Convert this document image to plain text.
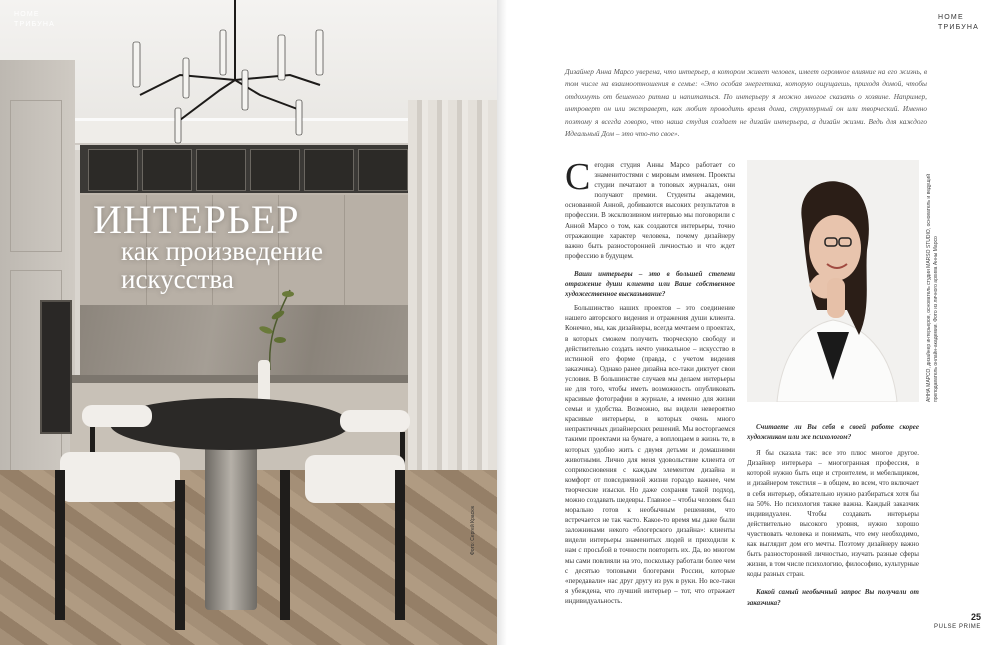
HOME
ТРИБУНА
ИНТЕРЬЕР
как произведение
искусства
Фото: Сергей Красюк
HOME
ТРИБУНА
Дизайнер Анна Марсо уверена, что интерьер, в котором живет человек, имеет огромное влияние на его жизнь, в том числе на взаимоотношения в семье: «Это особая энергетика, которую ощущаешь, приходя домой, чтобы отдохнуть от бешеного ритма и напитаться. По интерьеру я можно многое сказать о хозяине. Например, интроверт он или экстраверт, как любит проводить время дома, структурный он или творческий. Именно поэтому я всегда говорю, что наша студия создает не дизайн интерьера, а дизайн жизни. Ведь для каждого Идеальный Дом – это что-то свое».

Сегодня студия Анны Марсо работает со знаменитостями с мировым именем. Проекты студии печатают в топовых журналах, они получают премии. Студенты академии, основанной Анной, добиваются высоких результатов в профессии. В эксклюзивном интервью мы поговорили с Анной Марсо о том, как создаются интерьеры, точно отражающие характер человека, почему дизайнеру важно быть разносторонней личностью и что ждет профессию в будущем.

Ваши интерьеры – это в большей степени отражение души клиента или Ваше собственное художественное высказывание?

Большинство наших проектов – это соединение нашего авторского видения и отражения души клиента. Конечно, мы, как дизайнеры, всегда мечтаем о проектах, в которых сможем получить творческую свободу и действительно создать нечто уникальное – искусство в истинной его форме (правда, с учетом видения заказчика). Однако ранее дизайна все-таки диктует свои условия. В большинстве случаев мы делаем интерьеры не для того, чтобы иметь возможность опубликовать красивые фотографии в журнале, а именно для жизни семьи и удобства. Возможно, вы видели невероятно красивые интерьеры, в которых очень много непрактичных дизайнерских решений. Мы восторгаемся такими проектами на бумаге, а воплощаем в жизнь те, в которых удобно жить с двумя детьми и домашними животными. Лично для меня удовольствие клиента от соприкосновения с каждым элементом дизайна и комфорт от повседневной жизни гораздо важнее, чем творческие изыски. Но даже сохраняя такой подход, можно создавать шедевры. Главное – чтобы человек был морально готов к необычным решениям, что встречается не так часто. Какое-то время мы даже были заложниками некого «блогерского дизайна»: клиенты видели интерьеры знаменитых людей и приходили к нам с просьбой в точности повторить их. Да, во многом мы сами повлияли на это, поскольку работали более чем с десятью топовыми блогерами России, которые «передавали» нас друг другу из рук в руки. Но все-таки я убеждена, что лучший интерьер – тот, что отражает индивидуальность.

АННА МАРСО, дизайнер интерьеров, основатель студии MARSO STUDIO, основатель и ведущий преподаватель онлайн-академии. Фото из личного архива Анны Марсо

Считаете ли Вы себя в своей работе скорее художником или же психологом?

Я бы сказала так: все это плюс многое другое. Дизайнер интерьера – многогранная профессия, в которой нужно быть еще и строителем, и мебельщиком, и дизайнером текстиля – в общем, во всем, что включает в себя интерьер, обязательно нужно разбираться хотя бы на 50%. Но психология также важна. Каждый заказчик индивидуален. Чтобы создавать интерьеры действительно высокого уровня, нужно хорошо чувствовать человека и понимать, что ему необходимо, как выглядит дом его мечты. Поэтому дизайнеру важно быть разносторонней личностью, изучать разные сферы жизни, в том числе психологию, философию, культурные коды разных стран.

Какой самый необычный запрос Вы получали от заказчика?

25
PULSE PRIME
